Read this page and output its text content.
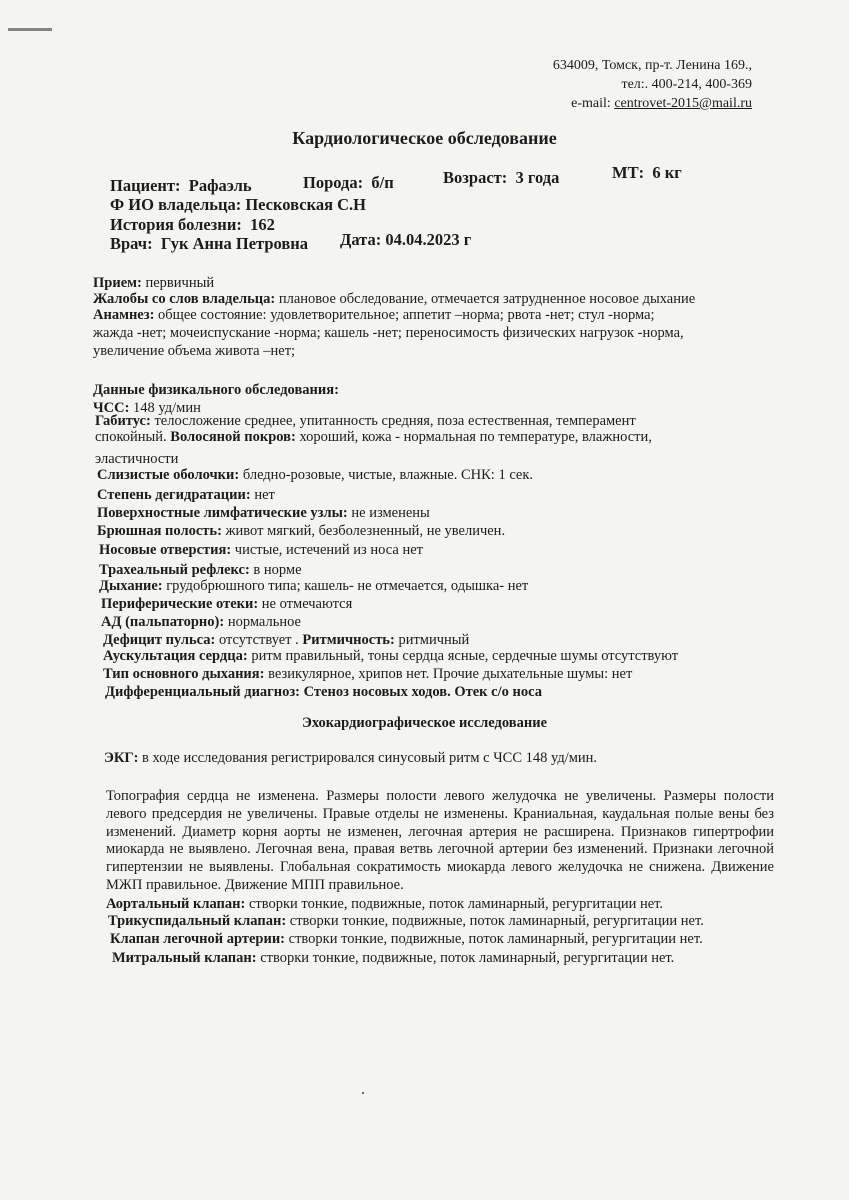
634009, Томск, пр-т. Ленина 169.,
тел:. 400-214, 400-369
e-mail: centrovet-2015@mail.ru
Кардиологическое обследование
Пациент: Рафаэль	Порода: б/п	Возраст: 3 года	МТ: 6 кг
Ф ИО владельца: Песковская С.Н
История болезни: 162
Врач: Гук Анна Петровна Дата: 04.04.2023 г
Прием: первичный
Жалобы со слов владельца: плановое обследование, отмечается затрудненное носовое дыхание
Анамнез: общее состояние: удовлетворительное; аппетит –норма; рвота -нет; стул -норма;
жажда -нет; мочеиспускание -норма; кашель -нет; переносимость физических нагрузок -норма,
увеличение объема живота –нет;
Данные физикального обследования:
ЧСС: 148 уд/мин
Габитус: телосложение среднее, упитанность средняя, поза естественная, темперамент
спокойный. Волосяной покров: хороший, кожа - нормальная по температуре, влажности,
эластичности
Слизистые оболочки: бледно-розовые, чистые, влажные. СНК: 1 сек.
Степень дегидратации: нет
Поверхностные лимфатические узлы: не изменены
Брюшная полость: живот мягкий, безболезненный, не увеличен.
Носовые отверстия: чистые, истечений из носа нет
Трахеальный рефлекс: в норме
Дыхание: грудобрюшного типа; кашель- не отмечается, одышка- нет
Периферические отеки: не отмечаются
АД (пальпаторно): нормальное
Дефицит пульса: отсутствует . Ритмичность: ритмичный
Аускультация сердца: ритм правильный, тоны сердца ясные, сердечные шумы отсутствуют
Тип основного дыхания: везикулярное, хрипов нет. Прочие дыхательные шумы: нет
Дифференциальный диагноз: Стеноз носовых ходов. Отек с/о носа
Эхокардиографическое исследование
ЭКГ: в ходе исследования регистрировался синусовый ритм с ЧСС 148 уд/мин.
Топография сердца не изменена. Размеры полости левого желудочка не увеличены. Размеры полости левого предсердия не увеличены. Правые отделы не изменены. Краниальная, каудальная полые вены без изменений. Диаметр корня аорты не изменен, легочная артерия не расширена. Признаков гипертрофии миокарда не выявлено. Легочная вена, правая ветвь легочной артерии без изменений. Признаки легочной гипертензии не выявлены. Глобальная сократимость миокарда левого желудочка не снижена. Движение МЖП правильное. Движение МПП правильное.
Аортальный клапан: створки тонкие, подвижные, поток ламинарный, регургитации нет.
Трикуспидальный клапан: створки тонкие, подвижные, поток ламинарный, регургитации нет.
Клапан легочной артерии: створки тонкие, подвижные, поток ламинарный, регургитации нет.
Митральный клапан: створки тонкие, подвижные, поток ламинарный, регургитации нет.
